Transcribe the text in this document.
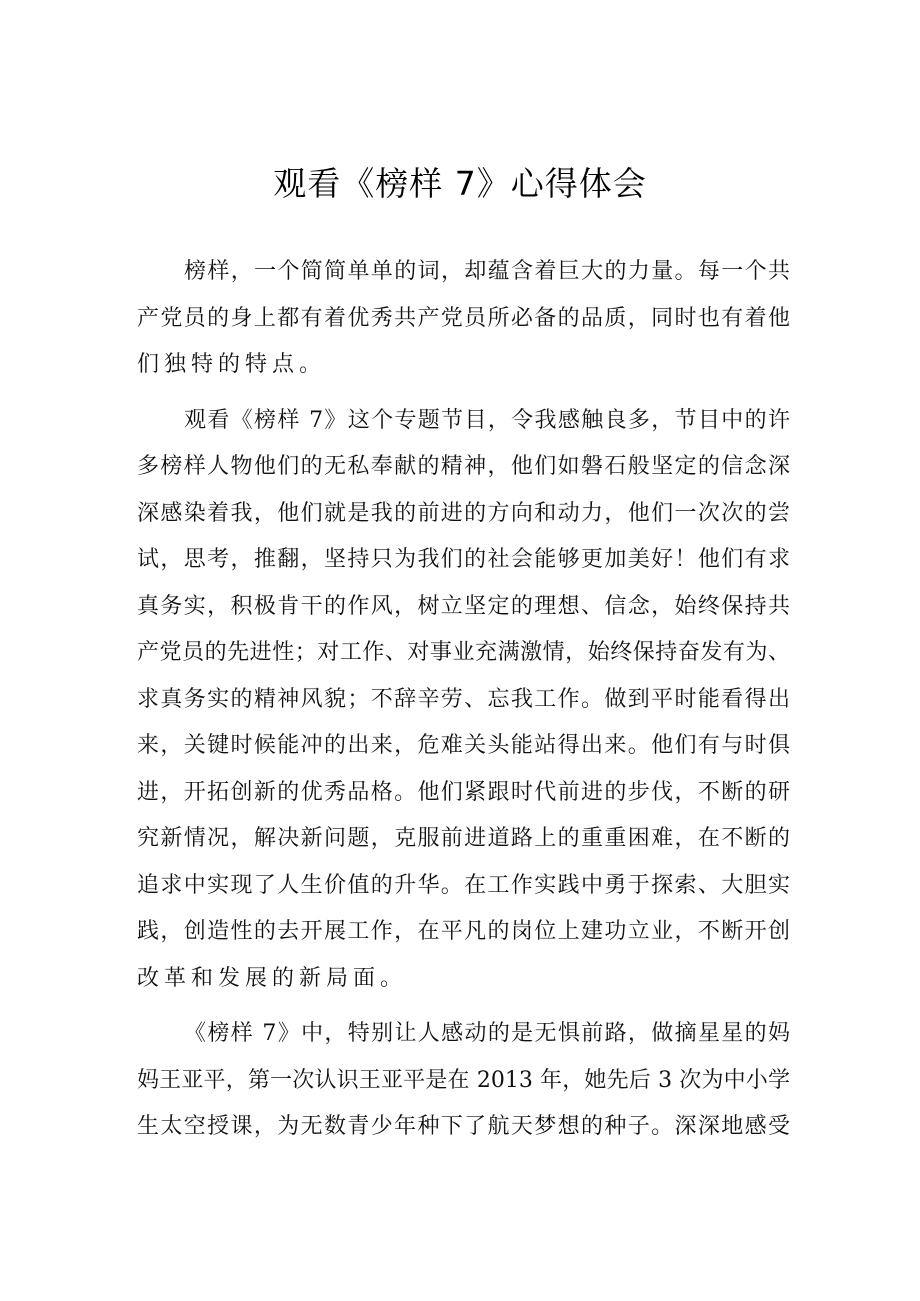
观看《榜样 7》心得体会
榜样，一个简简单单的词，却蕴含着巨大的力量。每一个共
产党员的身上都有着优秀共产党员所必备的品质，同时也有着他
们独特的特点。
观看《榜样 7》这个专题节目，令我感触良多，节目中的许
多榜样人物他们的无私奉献的精神，他们如磐石般坚定的信念深
深感染着我，他们就是我的前进的方向和动力，他们一次次的尝
试，思考，推翻，坚持只为我们的社会能够更加美好！他们有求
真务实，积极肯干的作风，树立坚定的理想、信念，始终保持共
产党员的先进性；对工作、对事业充满激情，始终保持奋发有为、
求真务实的精神风貌；不辞辛劳、忘我工作。做到平时能看得出
来，关键时候能冲的出来，危难关头能站得出来。他们有与时俱
进，开拓创新的优秀品格。他们紧跟时代前进的步伐，不断的研
究新情况，解决新问题，克服前进道路上的重重困难，在不断的
追求中实现了人生价值的升华。在工作实践中勇于探索、大胆实
践，创造性的去开展工作，在平凡的岗位上建功立业，不断开创
改革和发展的新局面。
《榜样 7》中，特别让人感动的是无惧前路，做摘星星的妈
妈王亚平，第一次认识王亚平是在 2013 年，她先后 3 次为中小学
生太空授课，为无数青少年种下了航天梦想的种子。深深地感受
